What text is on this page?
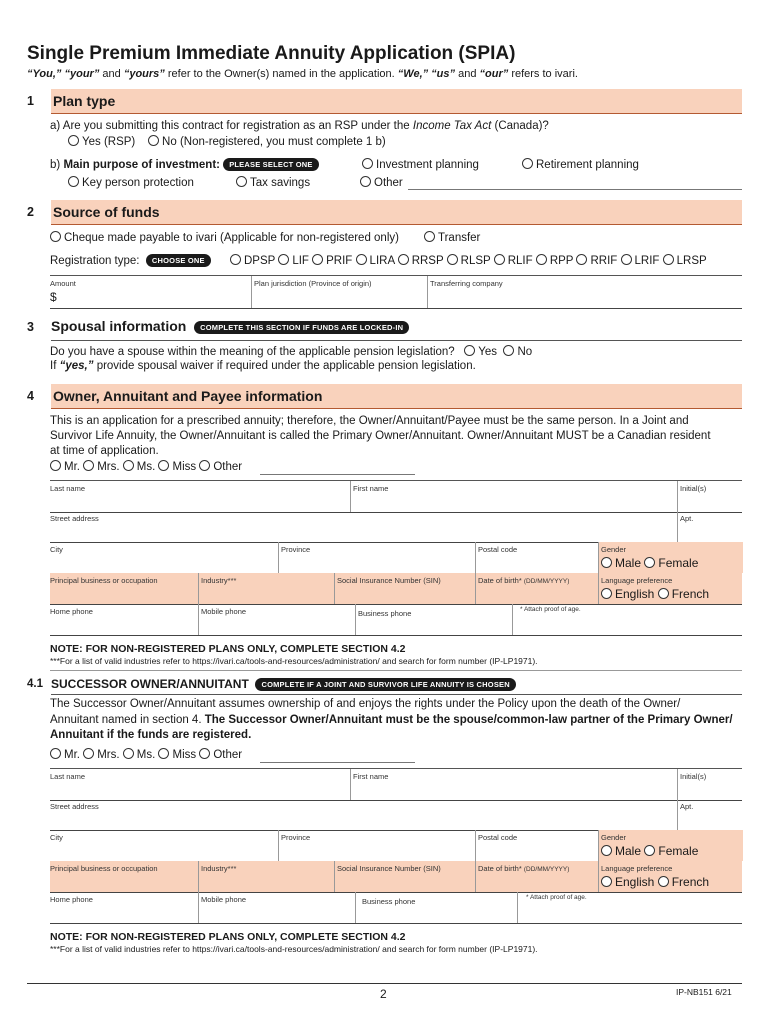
Single Premium Immediate Annuity Application (SPIA)
“You,” “your” and “yours” refer to the Owner(s) named in the application. “We,” “us” and “our” refers to ivari.
1 Plan type
a) Are you submitting this contract for registration as an RSP under the Income Tax Act (Canada)?
Yes (RSP) No (Non-registered, you must complete 1 b)
b) Main purpose of investment: PLEASE SELECT ONE	Investment planning	Retirement planning
Key person protection	Tax savings	Other
2 Source of funds
Cheque made payable to ivari (Applicable for non-registered only)	Transfer
Registration type: CHOOSE ONE	DPSP LIF PRIF LIRA RRSP RLSP RLIF RPP RRIF LRIF LRSP
Amount
$
Plan jurisdiction (Province of origin)	Transferring company
3 Spousal information COMPLETE THIS SECTION IF FUNDS ARE LOCKED-IN
Do you have a spouse within the meaning of the applicable pension legislation? Yes No
If “yes,” provide spousal waiver if required under the applicable pension legislation.
4 Owner, Annuitant and Payee information
This is an application for a prescribed annuity; therefore, the Owner/Annuitant/Payee must be the same person. In a Joint and
Survivor Life Annuity, the Owner/Annuitant is called the Primary Owner/Annuitant. Owner/Annuitant MUST be a Canadian resident
at time of application.
Mr. Mrs. Ms. Miss Other
Last name	First name	Initial(s)
Street address	Apt.
City	Province	Postal code	Gender
Male Female
Principal business or occupation	Industry***	Social Insurance Number (SIN)	Date of birth* (DD/MM/YYYY)	Language preference
English French
Home phone	Mobile phone	Business phone	* Attach proof of age.
NOTE: FOR NON-REGISTERED PLANS ONLY, COMPLETE SECTION 4.2
***For a list of valid industries refer to https://ivari.ca/tools-and-resources/administration/ and search for form number (IP-LP1971).
4.1 SUCCESSOR OWNER/ANNUITANT COMPLETE IF A JOINT AND SURVIVOR LIFE ANNUITY IS CHOSEN
The Successor Owner/Annuitant assumes ownership of and enjoys the rights under the Policy upon the death of the Owner/
Annuitant named in section 4. The Successor Owner/Annuitant must be the spouse/common-law partner of the Primary Owner/
Annuitant if the funds are registered.
Mr. Mrs. Ms. Miss Other
Last name	First name	Initial(s)
Street address	Apt.
City	Province	Postal code	Gender
Male Female
Principal business or occupation	Industry***	Social Insurance Number (SIN)	Date of birth* (DD/MM/YYYY)	Language preference
English French
Home phone	Mobile phone	Business phone	* Attach proof of age.
NOTE: FOR NON-REGISTERED PLANS ONLY, COMPLETE SECTION 4.2
***For a list of valid industries refer to https://ivari.ca/tools-and-resources/administration/ and search for form number (IP-LP1971).
2	IP-NB151 6/21
